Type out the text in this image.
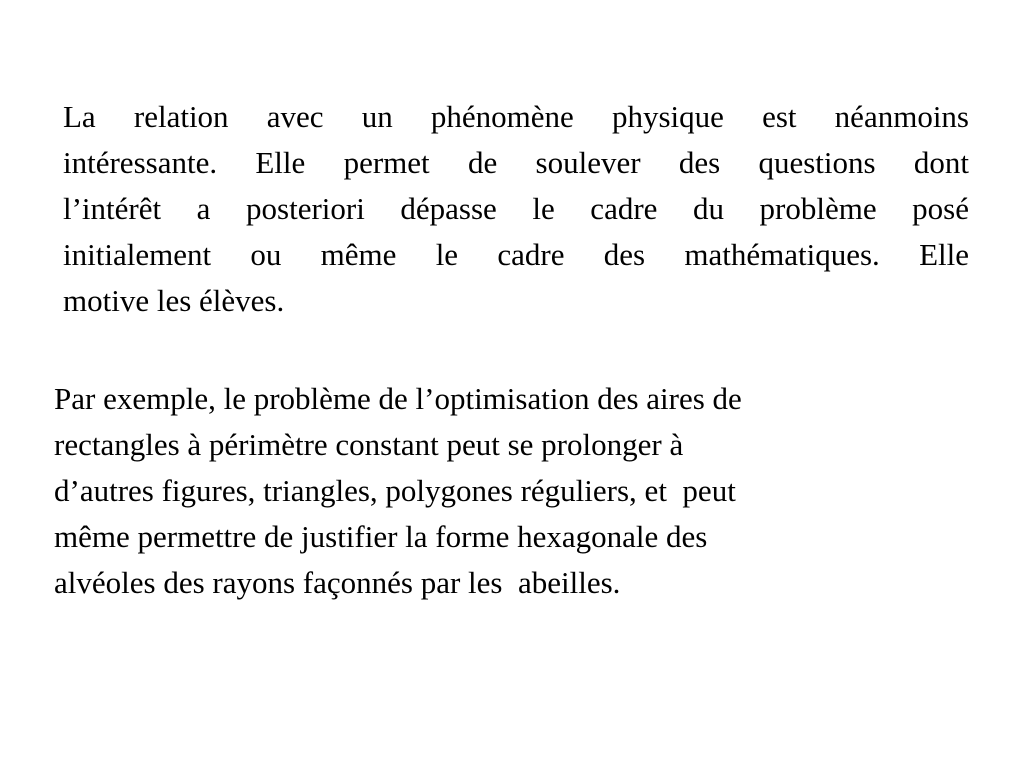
La relation avec un phénomène physique est néanmoins
intéressante. Elle permet de soulever des questions dont
l’intérêt a posteriori dépasse le cadre du problème posé
initialement ou même le cadre des mathématiques. Elle
motive les élèves.
Par exemple, le problème de l’optimisation des aires de
rectangles à périmètre constant peut se prolonger à
d’autres figures, triangles, polygones réguliers, et  peut
même permettre de justifier la forme hexagonale des
alvéoles des rayons façonnés par les  abeilles.
